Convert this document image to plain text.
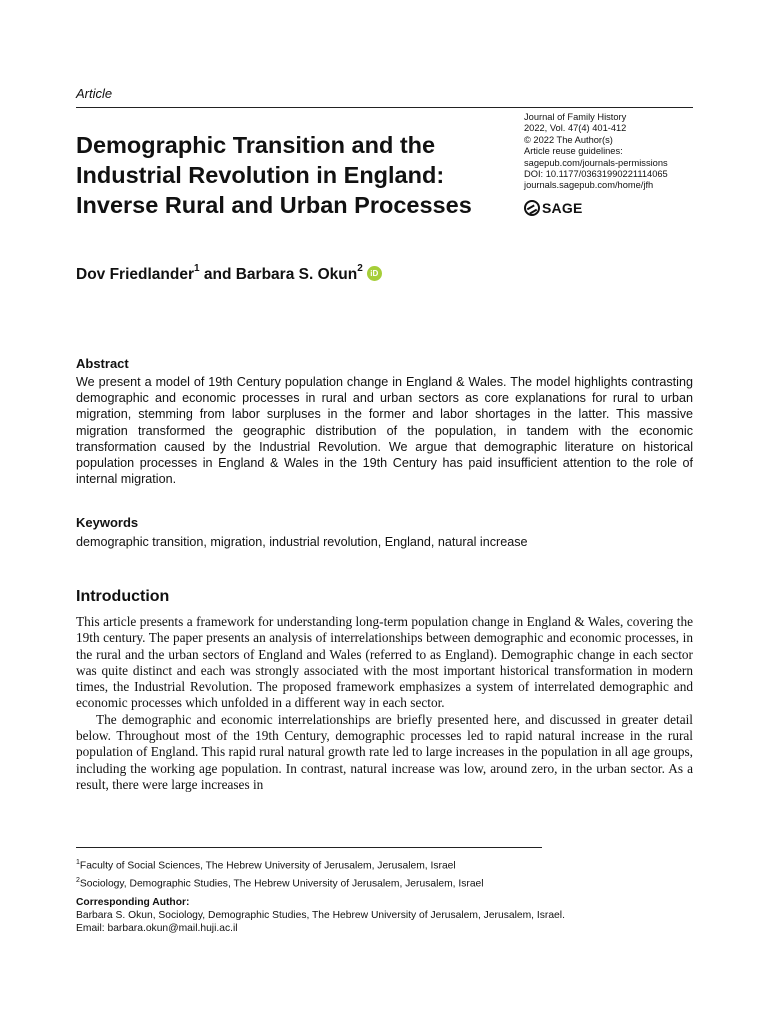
Article
Journal of Family History
2022, Vol. 47(4) 401-412
© 2022 The Author(s)
Article reuse guidelines:
sagepub.com/journals-permissions
DOI: 10.1177/03631990221114065
journals.sagepub.com/home/jfh
SAGE
Demographic Transition and the Industrial Revolution in England: Inverse Rural and Urban Processes
Dov Friedlander$^1$ and Barbara S. Okun$^2$ iD
Abstract
We present a model of 19th Century population change in England & Wales. The model highlights contrasting demographic and economic processes in rural and urban sectors as core explanations for rural to urban migration, stemming from labor surpluses in the former and labor shortages in the latter. This massive migration transformed the geographic distribution of the population, in tandem with the economic transformation caused by the Industrial Revolution. We argue that demographic literature on historical population processes in England & Wales in the 19th Century has paid insufficient attention to the role of internal migration.
Keywords
demographic transition, migration, industrial revolution, England, natural increase
Introduction

This article presents a framework for understanding long-term population change in England & Wales, covering the 19th century. The paper presents an analysis of interrelationships between demographic and economic processes, in the rural and the urban sectors of England and Wales (referred to as England). Demographic change in each sector was quite distinct and each was strongly associated with the most important historical transformation in modern times, the Industrial Revolution. The proposed framework emphasizes a system of interrelated demographic and economic processes which unfolded in a different way in each sector.

The demographic and economic interrelationships are briefly presented here, and discussed in greater detail below. Throughout most of the 19th Century, demographic processes led to rapid natural increase in the rural population of England. This rapid rural natural growth rate led to large increases in the population in all age groups, including the working age population. In contrast, natural increase was low, around zero, in the urban sector. As a result, there were large increases in

$^1$Faculty of Social Sciences, The Hebrew University of Jerusalem, Jerusalem, Israel
$^2$Sociology, Demographic Studies, The Hebrew University of Jerusalem, Jerusalem, Israel
Corresponding Author:
Barbara S. Okun, Sociology, Demographic Studies, The Hebrew University of Jerusalem, Jerusalem, Israel.
Email: barbara.okun@mail.huji.ac.il
